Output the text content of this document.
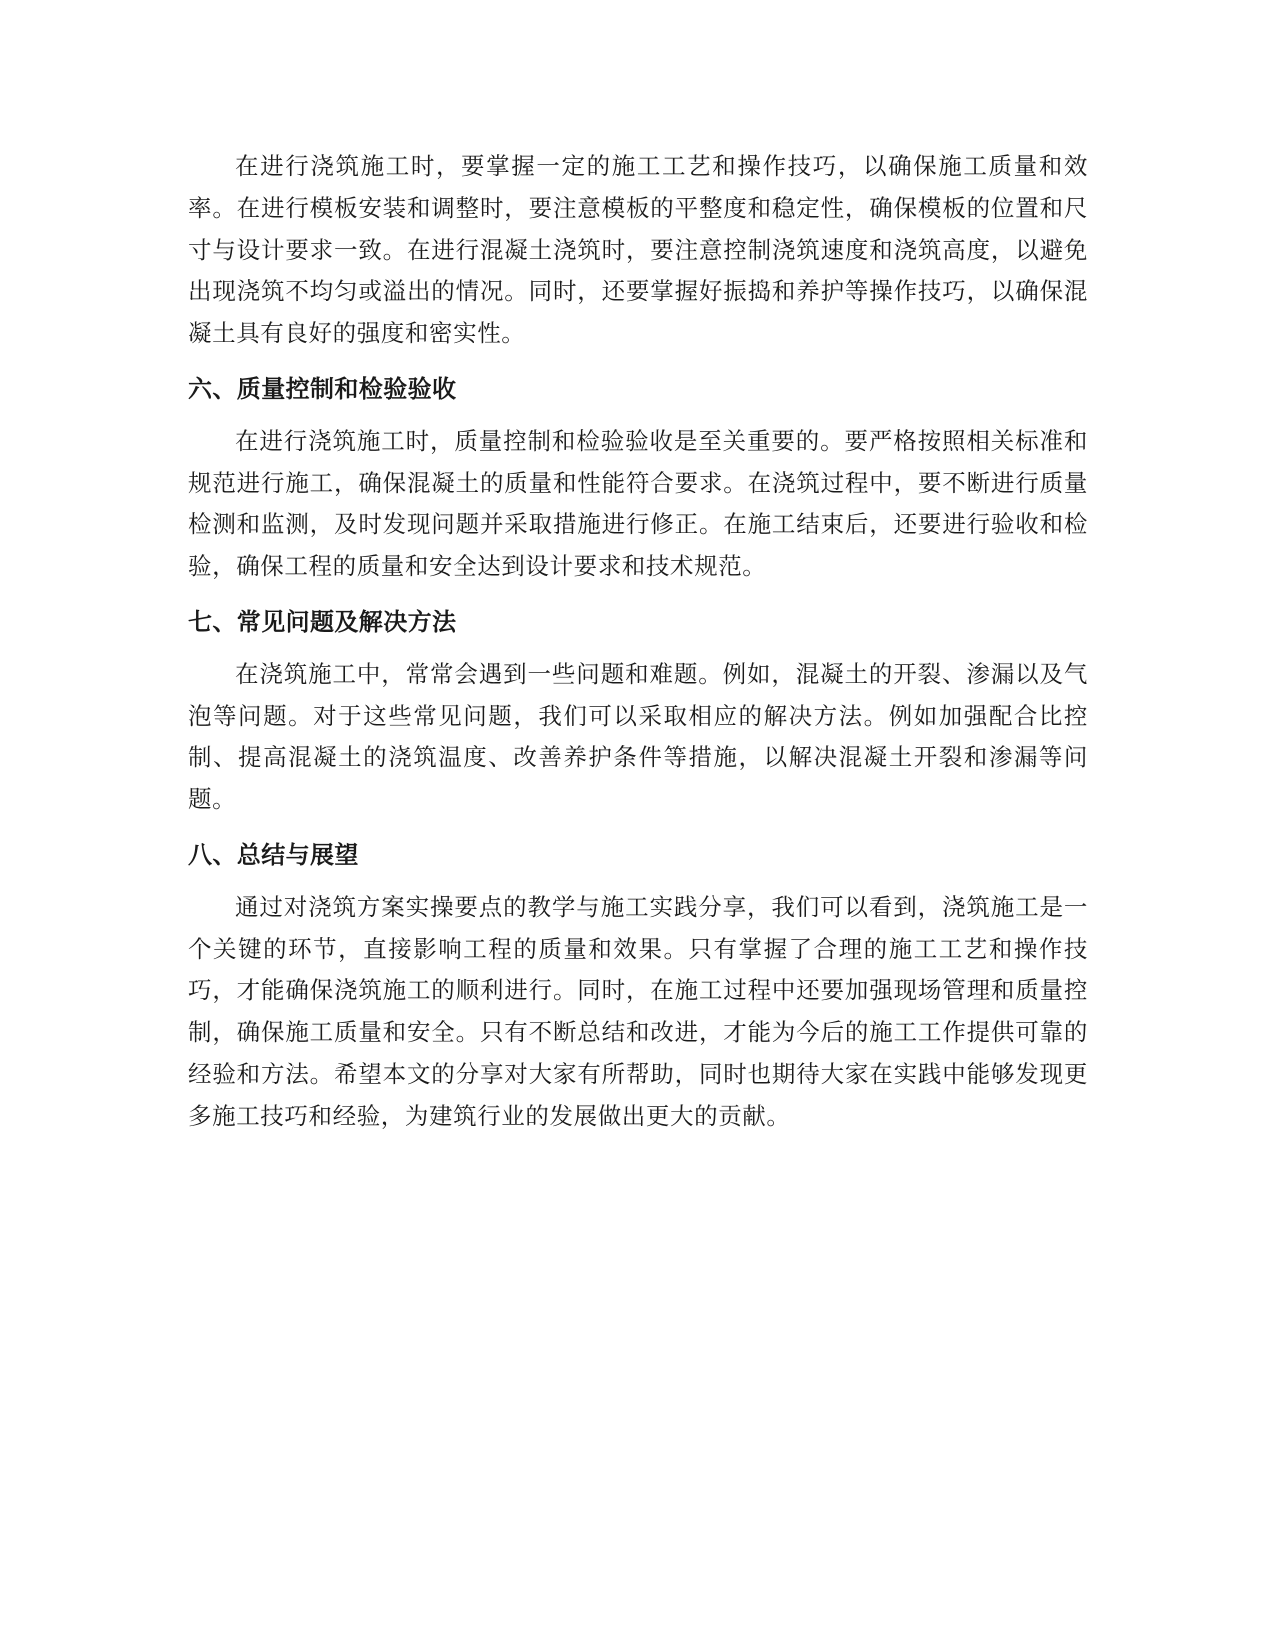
在进行浇筑施工时，要掌握一定的施工工艺和操作技巧，以确保施工质量和效率。在进行模板安装和调整时，要注意模板的平整度和稳定性，确保模板的位置和尺寸与设计要求一致。在进行混凝土浇筑时，要注意控制浇筑速度和浇筑高度，以避免出现浇筑不均匀或溢出的情况。同时，还要掌握好振捣和养护等操作技巧，以确保混凝土具有良好的强度和密实性。

六、质量控制和检验验收

在进行浇筑施工时，质量控制和检验验收是至关重要的。要严格按照相关标准和规范进行施工，确保混凝土的质量和性能符合要求。在浇筑过程中，要不断进行质量检测和监测，及时发现问题并采取措施进行修正。在施工结束后，还要进行验收和检验，确保工程的质量和安全达到设计要求和技术规范。

七、常见问题及解决方法

在浇筑施工中，常常会遇到一些问题和难题。例如，混凝土的开裂、渗漏以及气泡等问题。对于这些常见问题，我们可以采取相应的解决方法。例如加强配合比控制、提高混凝土的浇筑温度、改善养护条件等措施，以解决混凝土开裂和渗漏等问题。

八、总结与展望

通过对浇筑方案实操要点的教学与施工实践分享，我们可以看到，浇筑施工是一个关键的环节，直接影响工程的质量和效果。只有掌握了合理的施工工艺和操作技巧，才能确保浇筑施工的顺利进行。同时，在施工过程中还要加强现场管理和质量控制，确保施工质量和安全。只有不断总结和改进，才能为今后的施工工作提供可靠的经验和方法。希望本文的分享对大家有所帮助，同时也期待大家在实践中能够发现更多施工技巧和经验，为建筑行业的发展做出更大的贡献。
